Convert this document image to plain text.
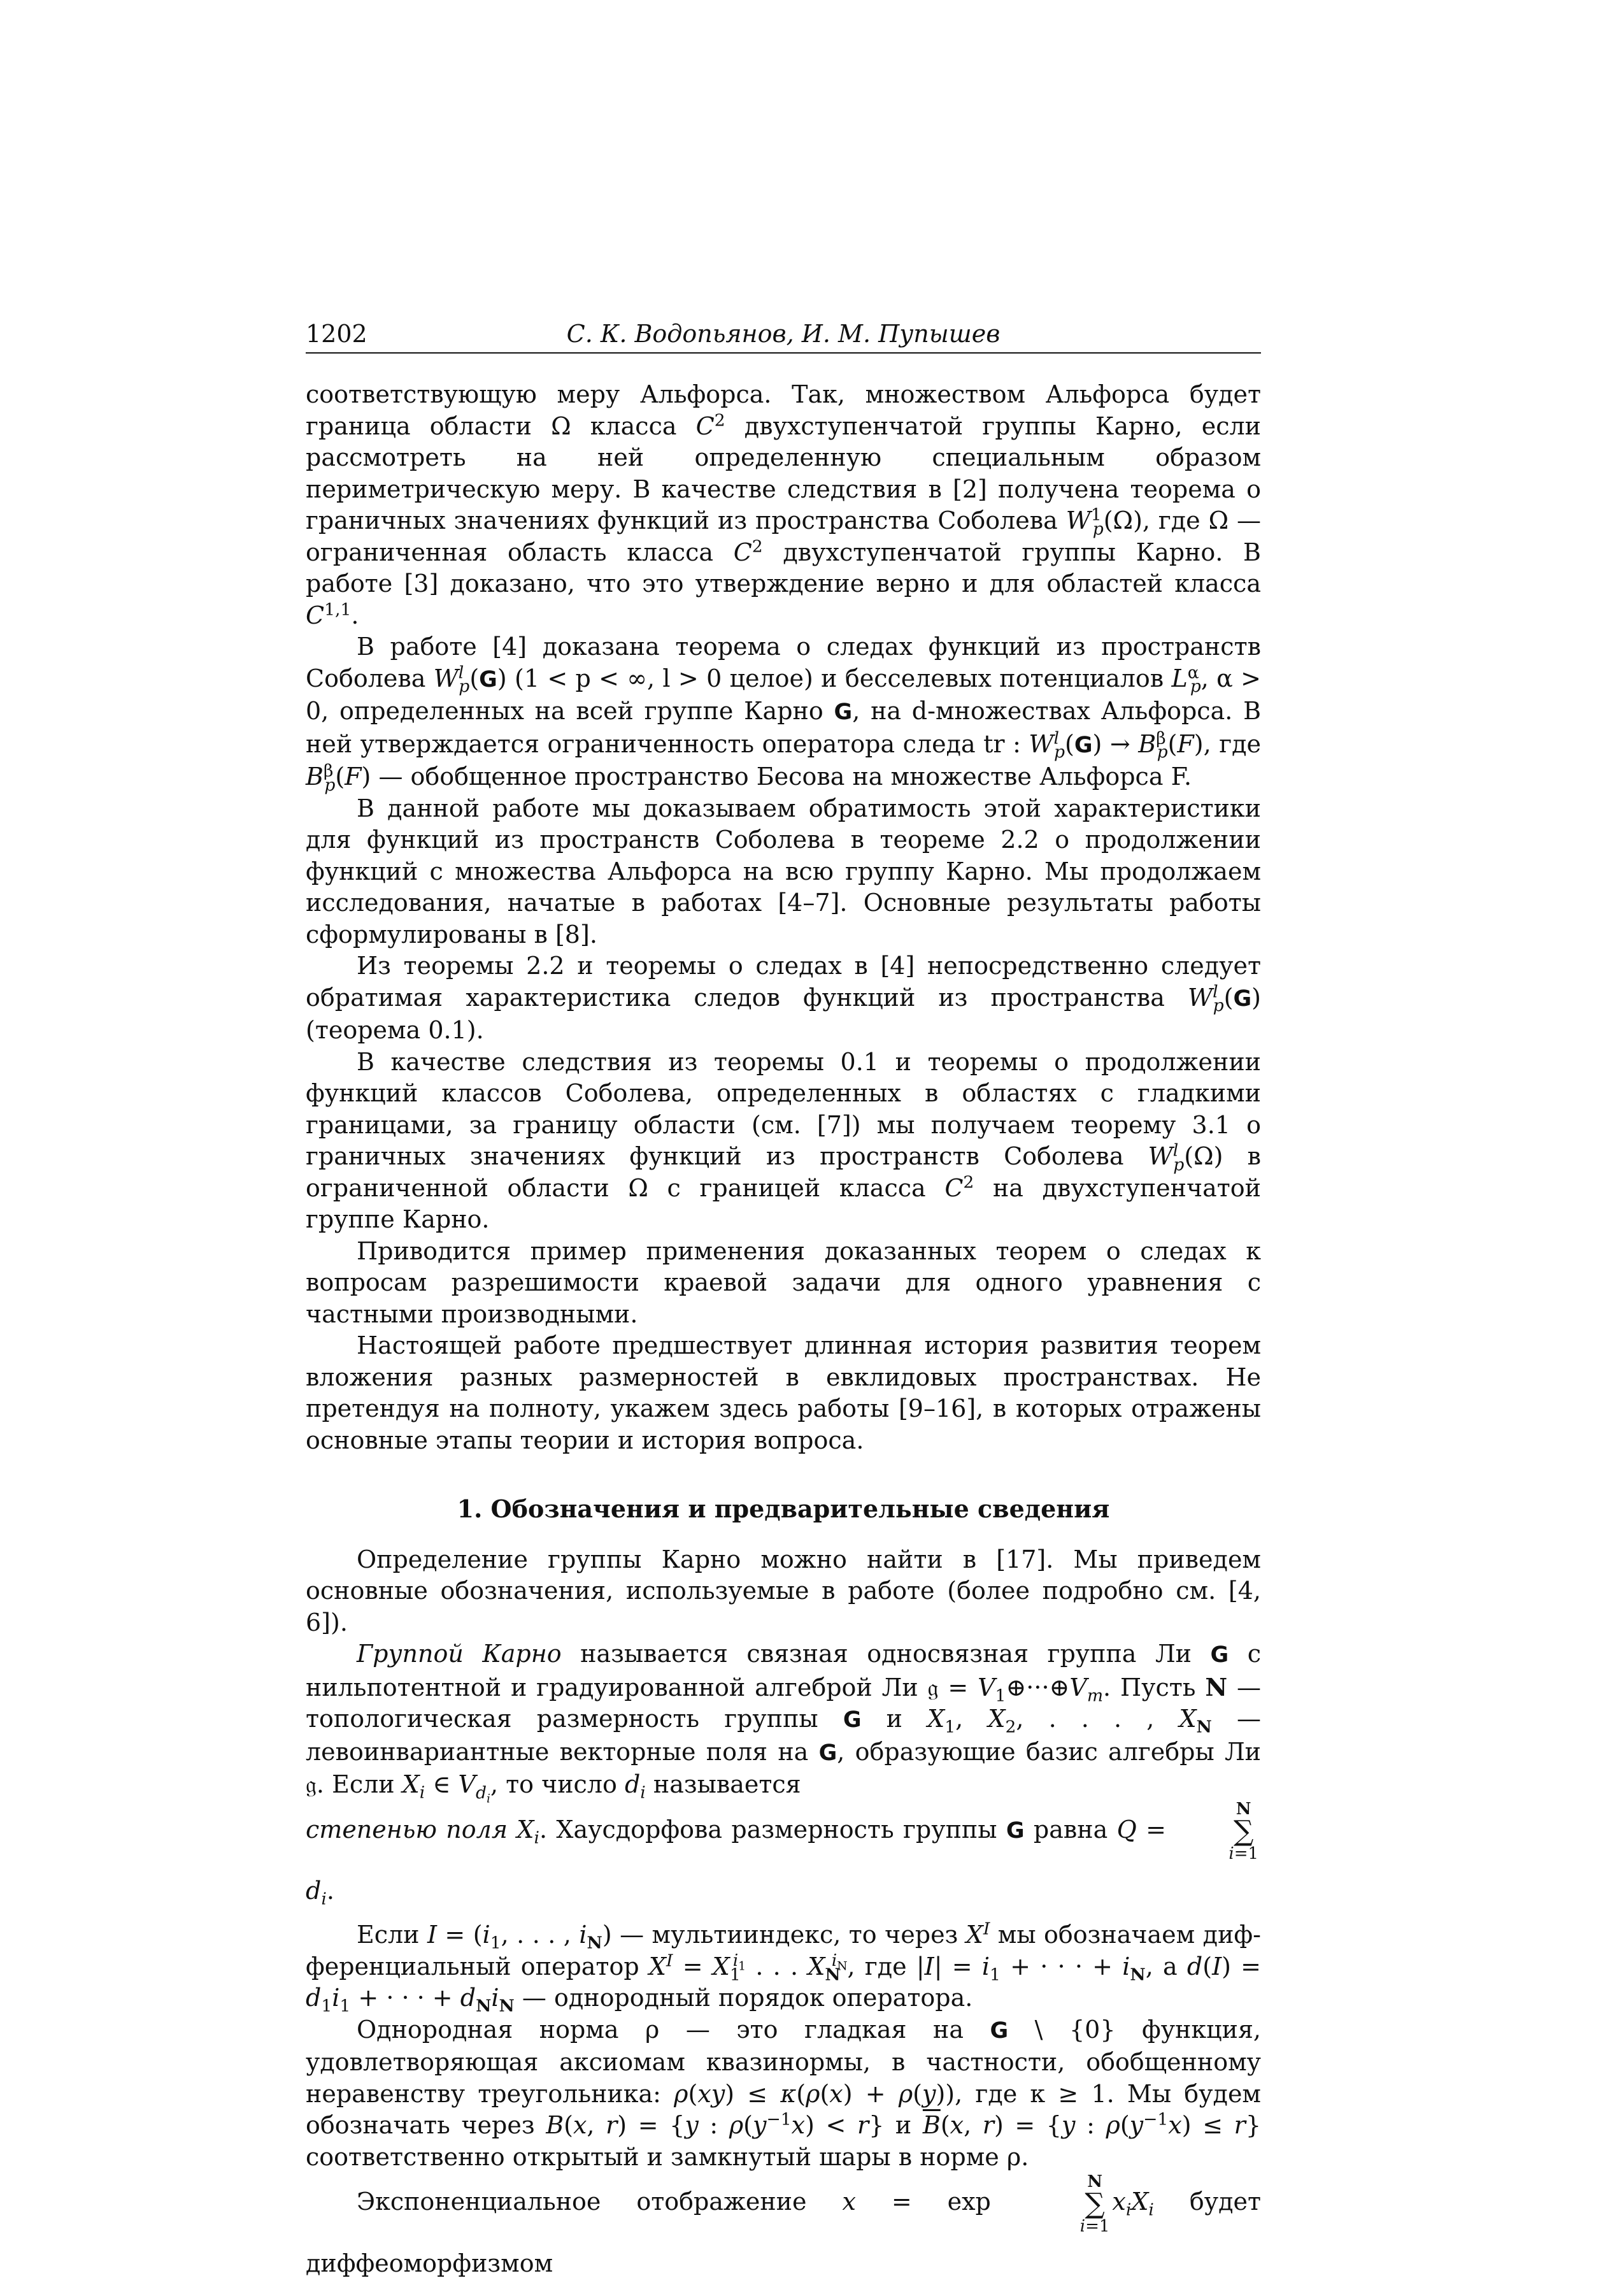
1202	С. К. Водопьянов, И. М. Пупышев

соответствующую меру Альфорса. Так, множеством Альфорса будет граница области Ω класса $C^2$ двухступенчатой группы Карно, если рассмотреть на ней определенную специальным образом периметрическую меру. В качестве следствия в [2] получена теорема о граничных значениях функций из пространства Соболева $W^1_p(\Omega)$, где Ω — ограниченная область класса $C^2$ двухступенчатой группы Карно. В работе [3] доказано, что это утверждение верно и для областей класса C$^{1,1}$.

В работе [4] доказана теорема о следах функций из пространств Соболева $W^l_p(G) (1 < p$ < ∞, l > 0 целое) и бесселевых потенциалов $L^\alpha_p$, α > 0, определенных на всей группе Карно G, на d-множествах Альфорса. В ней утверждается ограниченность оператора следа tr : $W^l_p(G) \to B^\beta_p(F)$, где $B^\beta_p(F)$ — обобщенное пространство Бесова на множестве Альфорса F.

В данной работе мы доказываем обратимость этой характеристики для функций из пространств Соболева в теореме 2.2 о продолжении функций с множества Альфорса на всю группу Карно. Мы продолжаем исследования, начатые в работах [4–7]. Основные результаты работы сформулированы в [8].

Из теоремы 2.2 и теоремы о следах в [4] непосредственно следует обратимая характеристика следов функций из пространства $W^l_p(G)$ (теорема 0.1).

В качестве следствия из теоремы 0.1 и теоремы о продолжении функций классов Соболева, определенных в областях с гладкими границами, за границу области (см. [7]) мы получаем теорему 3.1 о граничных значениях функций из пространств Соболева $W^l_p(\Omega)$ в ограниченной области Ω с границей класса $C^2$ на двухступенчатой группе Карно.

Приводится пример применения доказанных теорем о следах к вопросам разрешимости краевой задачи для одного уравнения с частными производными.

Настоящей работе предшествует длинная история развития теорем вложения разных размерностей в евклидовых пространствах. Не претендуя на полноту, укажем здесь работы [9–16], в которых отражены основные этапы теории и история вопроса.

1. Обозначения и предварительные сведения

Определение группы Карно можно найти в [17]. Мы приведем основные обозначения, используемые в работе (более подробно см. [4, 6]).

Группой Карно называется связная односвязная группа Ли G с нильпотентной и градуированной алгеброй Ли 𝔤 = $V_1\oplus\cdot\cdot\cdot\oplus V_m$. Пусть N — топологическая размерность группы G и $X_1$, $X_2$, . . . , $X_N$ — левоинвариантные векторные поля на G, образующие базис алгебры Ли 𝔤. Если $X_i$ ∈ $V_{d_i}$, то число $d_i$ называется
степенью поля $X_i$. Хаусдорфова размерность группы G равна Q =
N
∑
i=1
$d_i$.

Если $I = (i_1$, . . . , $i_N$) — мультииндекс, то через $X^I$ мы обозначаем дифференциальный оператор $X^I = X_1^{i_1}$ . . . $X_N^{i_N}$, где $|I| = i_1$ + · · · + $i_N$, а $d(I) = d_1i_1$ + · · · + $d_Ni_N$ — однородный порядок оператора.

Однородная норма ρ — это гладкая на G \ {0} функция, удовлетворяющая аксиомам квазинормы, в частности, обобщенному неравенству треугольника: ρ(xy) ≤ κ(ρ(x) + ρ(y)), где κ ≥ 1. Мы будем обозначать через B(x, r) = {y : $\rho(y^{-1}x) < r$} и $\overline{B}(x$, r) = {y : $\rho(y^{-1}x) \le r$} соответственно открытый и замкнутый шары в норме ρ.

Экспоненциальное отображение x = exp
N
∑
i=1
$x_iX_i$ будет диффеоморфизмом
